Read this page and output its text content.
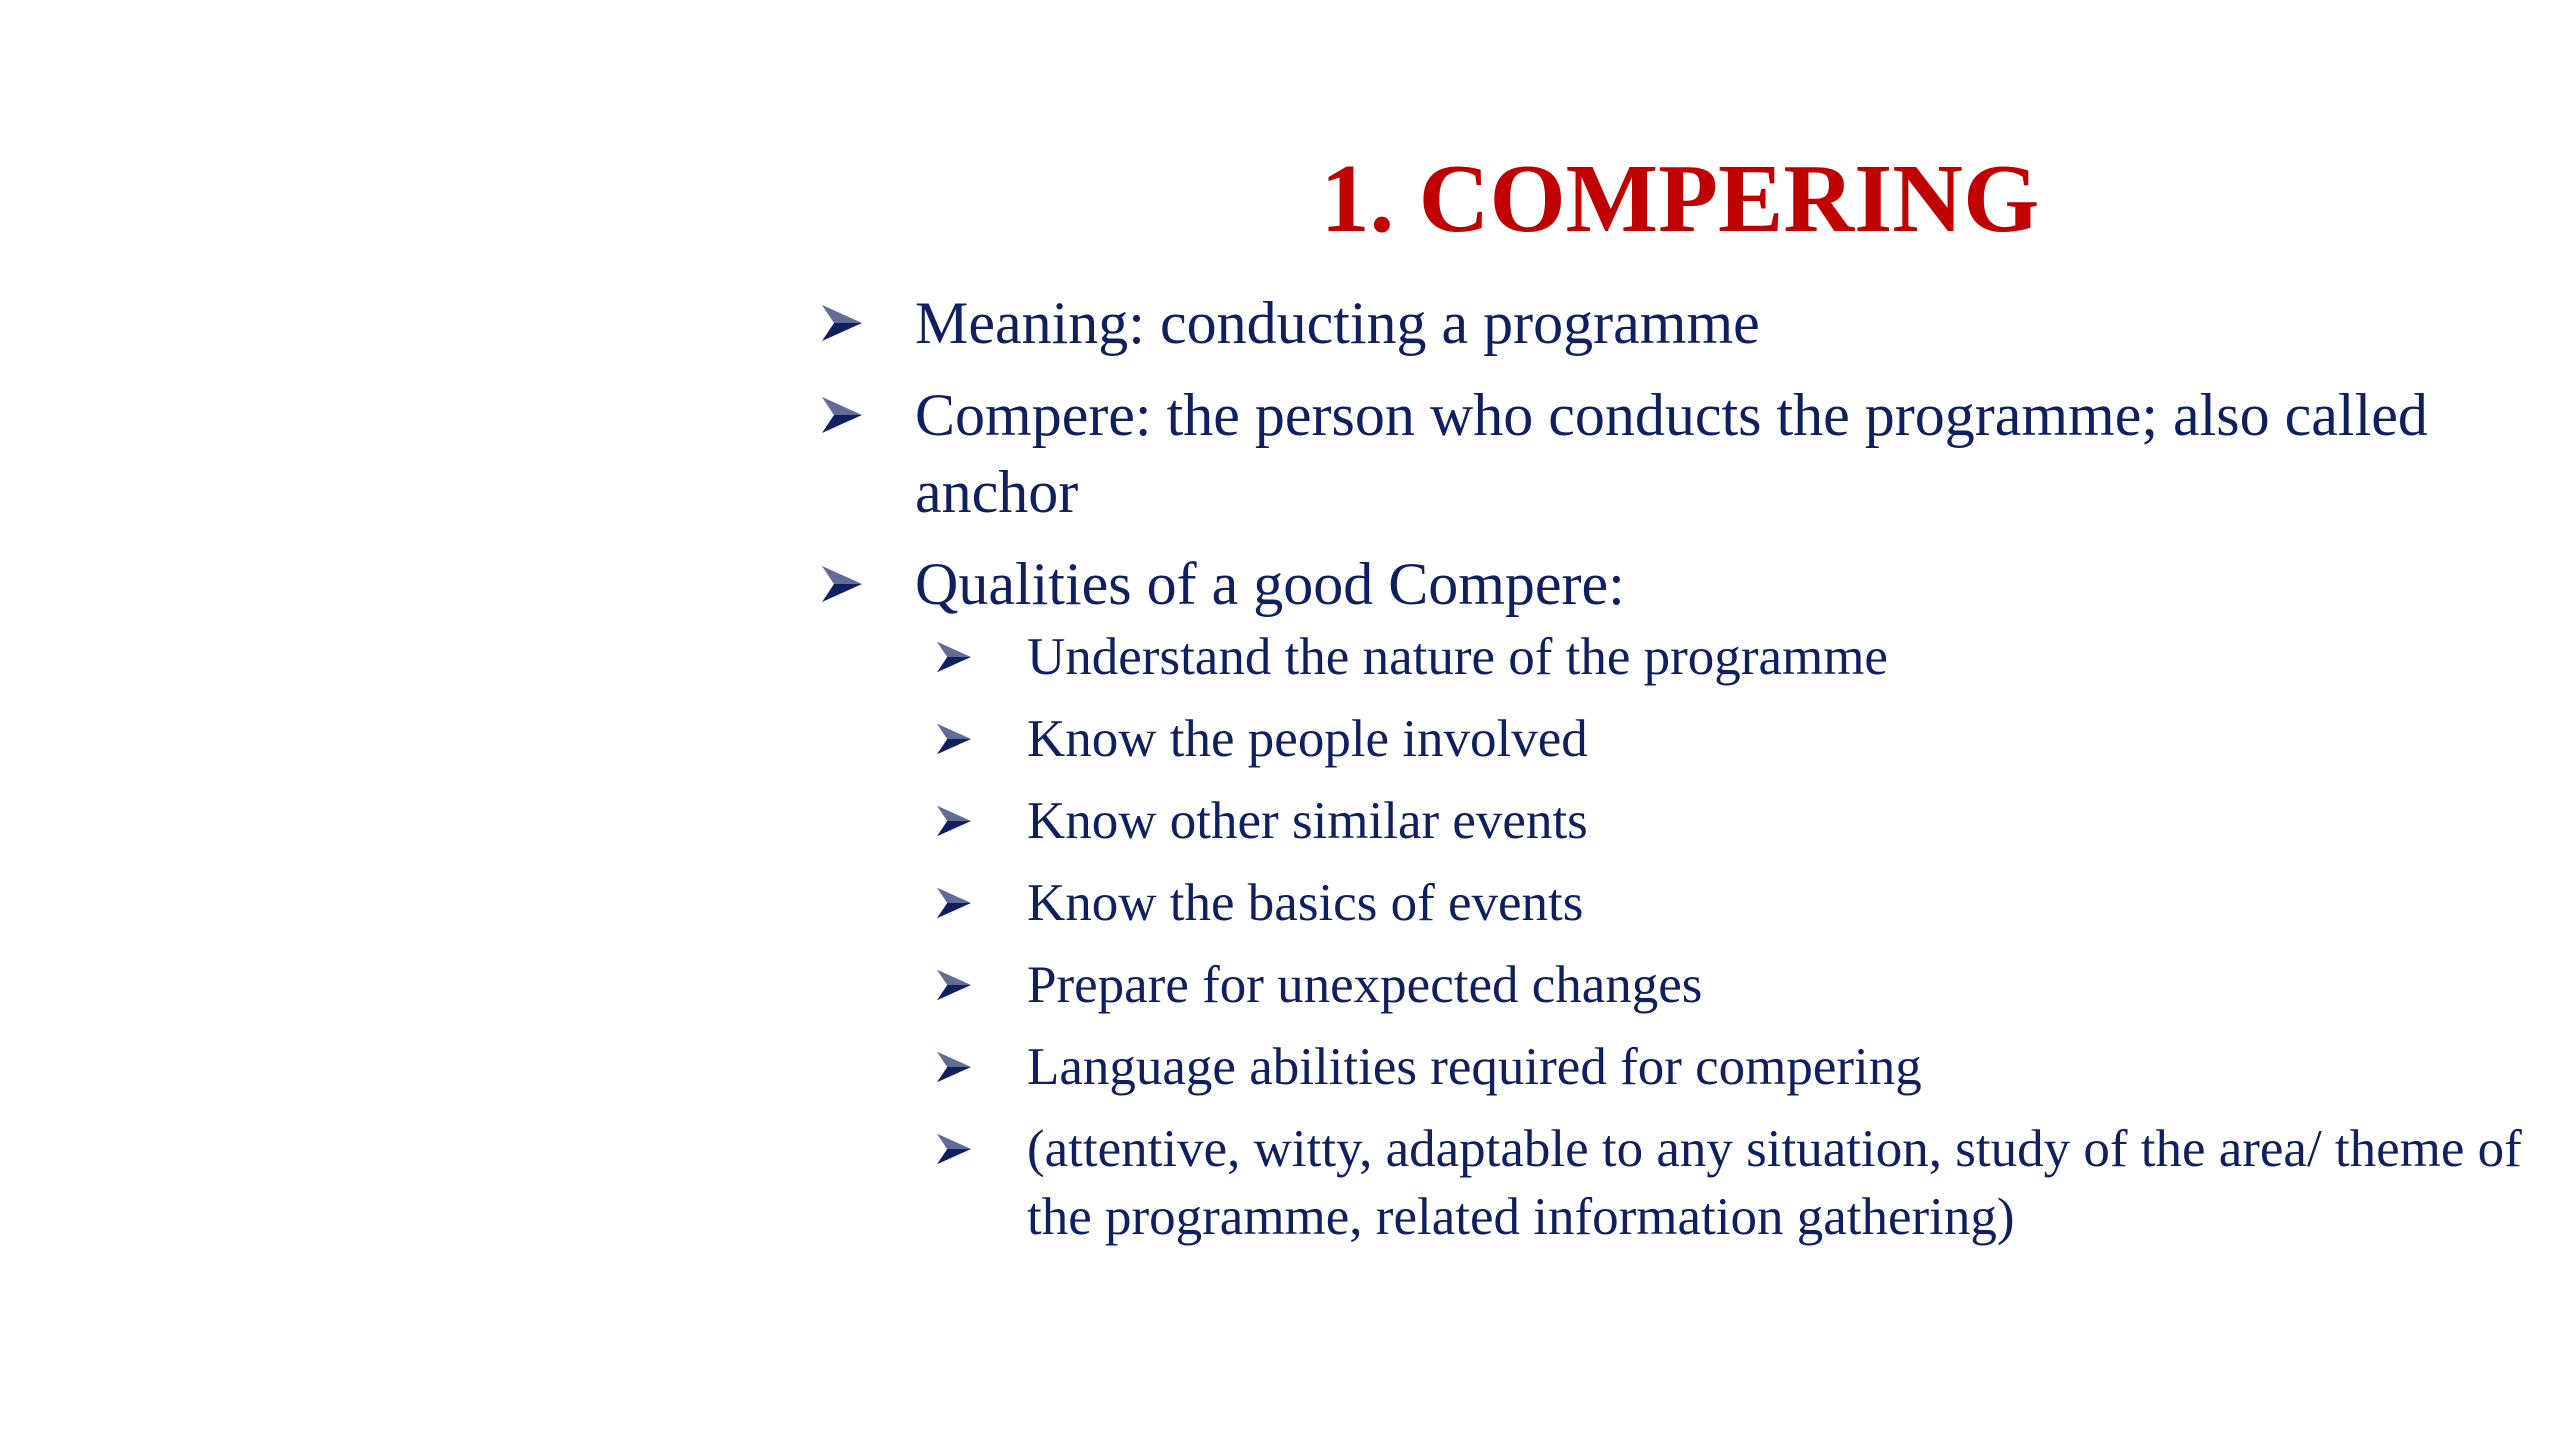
1. COMPERING
Meaning: conducting a programme
Compere: the person who conducts the programme; also called anchor
Qualities of a good Compere:
Understand the nature of the programme
Know the people involved
Know other similar events
Know the basics of events
Prepare for unexpected changes
Language abilities required for compering
(attentive, witty, adaptable to any situation, study of the area/ theme of the programme, related information gathering)
